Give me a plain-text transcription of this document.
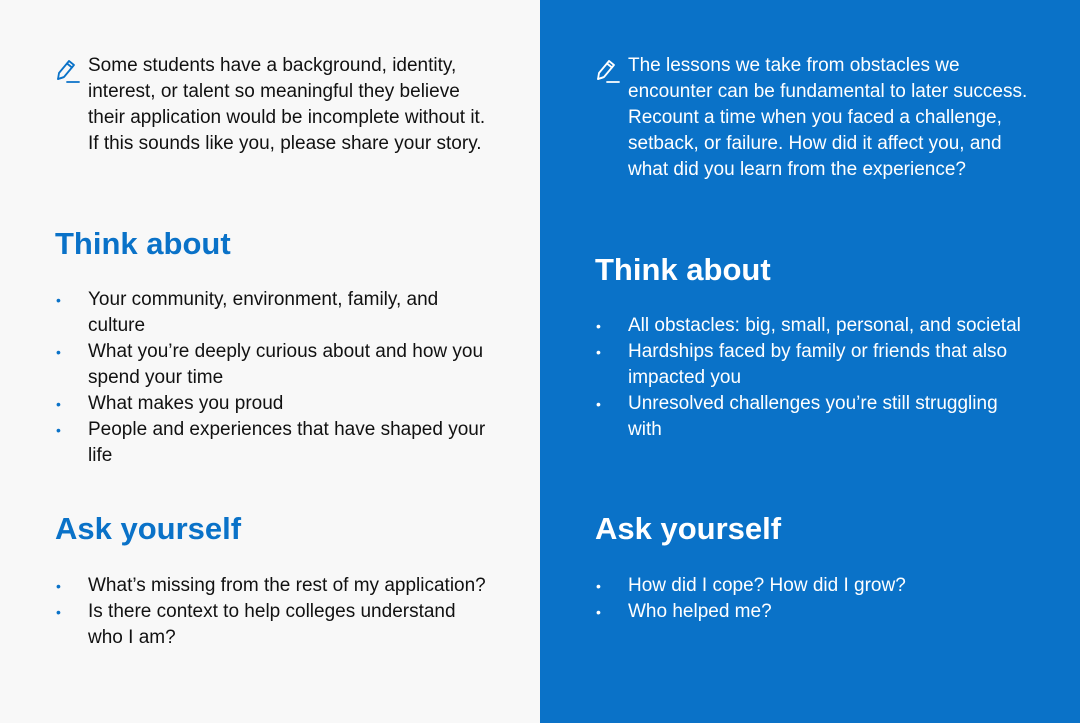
Some students have a background, identity, interest, or talent so meaningful they believe their application would be incomplete without it. If this sounds like you, please share your story.

Think about
• Your community, environment, family, and culture
• What you’re deeply curious about and how you spend your time
• What makes you proud
• People and experiences that have shaped your life
Ask yourself
• What’s missing from the rest of my application?
• Is there context to help colleges understand who I am?

The lessons we take from obstacles we encounter can be fundamental to later success. Recount a time when you faced a challenge, setback, or failure. How did it affect you, and what did you learn from the experience?

Think about
• All obstacles: big, small, personal, and societal
• Hardships faced by family or friends that also impacted you
• Unresolved challenges you’re still struggling with
Ask yourself
• How did I cope? How did I grow?
• Who helped me?
